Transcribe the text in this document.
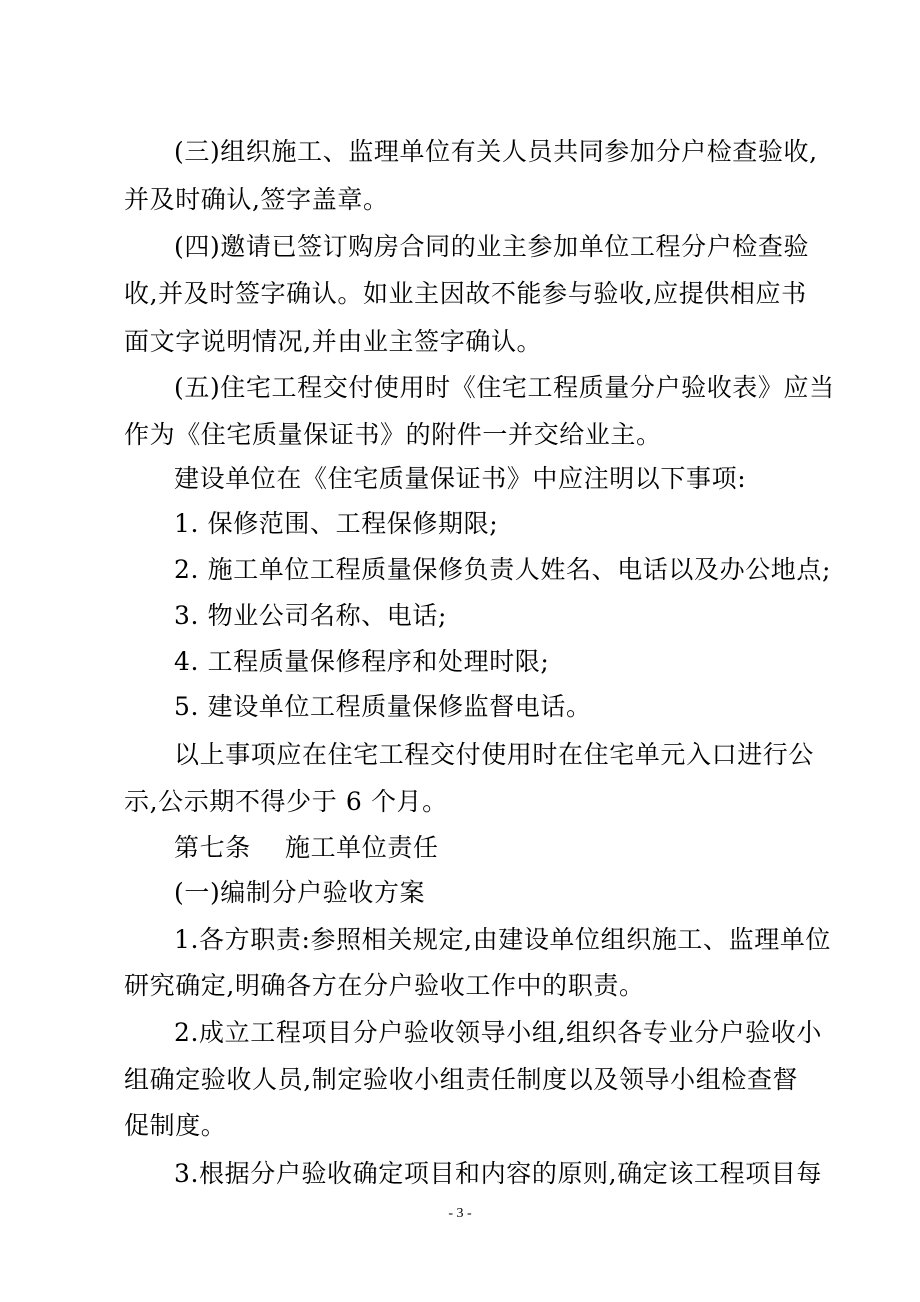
(三)组织施工、监理单位有关人员共同参加分户检查验收,

并及时确认,签字盖章。

(四)邀请已签订购房合同的业主参加单位工程分户检查验

收,并及时签字确认。如业主因故不能参与验收,应提供相应书

面文字说明情况,并由业主签字确认。

(五)住宅工程交付使用时《住宅工程质量分户验收表》应当

作为《住宅质量保证书》的附件一并交给业主。

建设单位在《住宅质量保证书》中应注明以下事项:

1. 保修范围、工程保修期限;

2. 施工单位工程质量保修负责人姓名、电话以及办公地点;

3. 物业公司名称、电话;

4. 工程质量保修程序和处理时限;

5. 建设单位工程质量保修监督电话。

以上事项应在住宅工程交付使用时在住宅单元入口进行公

示,公示期不得少于 6 个月。

第七条    施工单位责任

(一)编制分户验收方案

1.各方职责:参照相关规定,由建设单位组织施工、监理单位

研究确定,明确各方在分户验收工作中的职责。

2.成立工程项目分户验收领导小组,组织各专业分户验收小

组确定验收人员,制定验收小组责任制度以及领导小组检查督

促制度。

3.根据分户验收确定项目和内容的原则,确定该工程项目每

- 3 -
